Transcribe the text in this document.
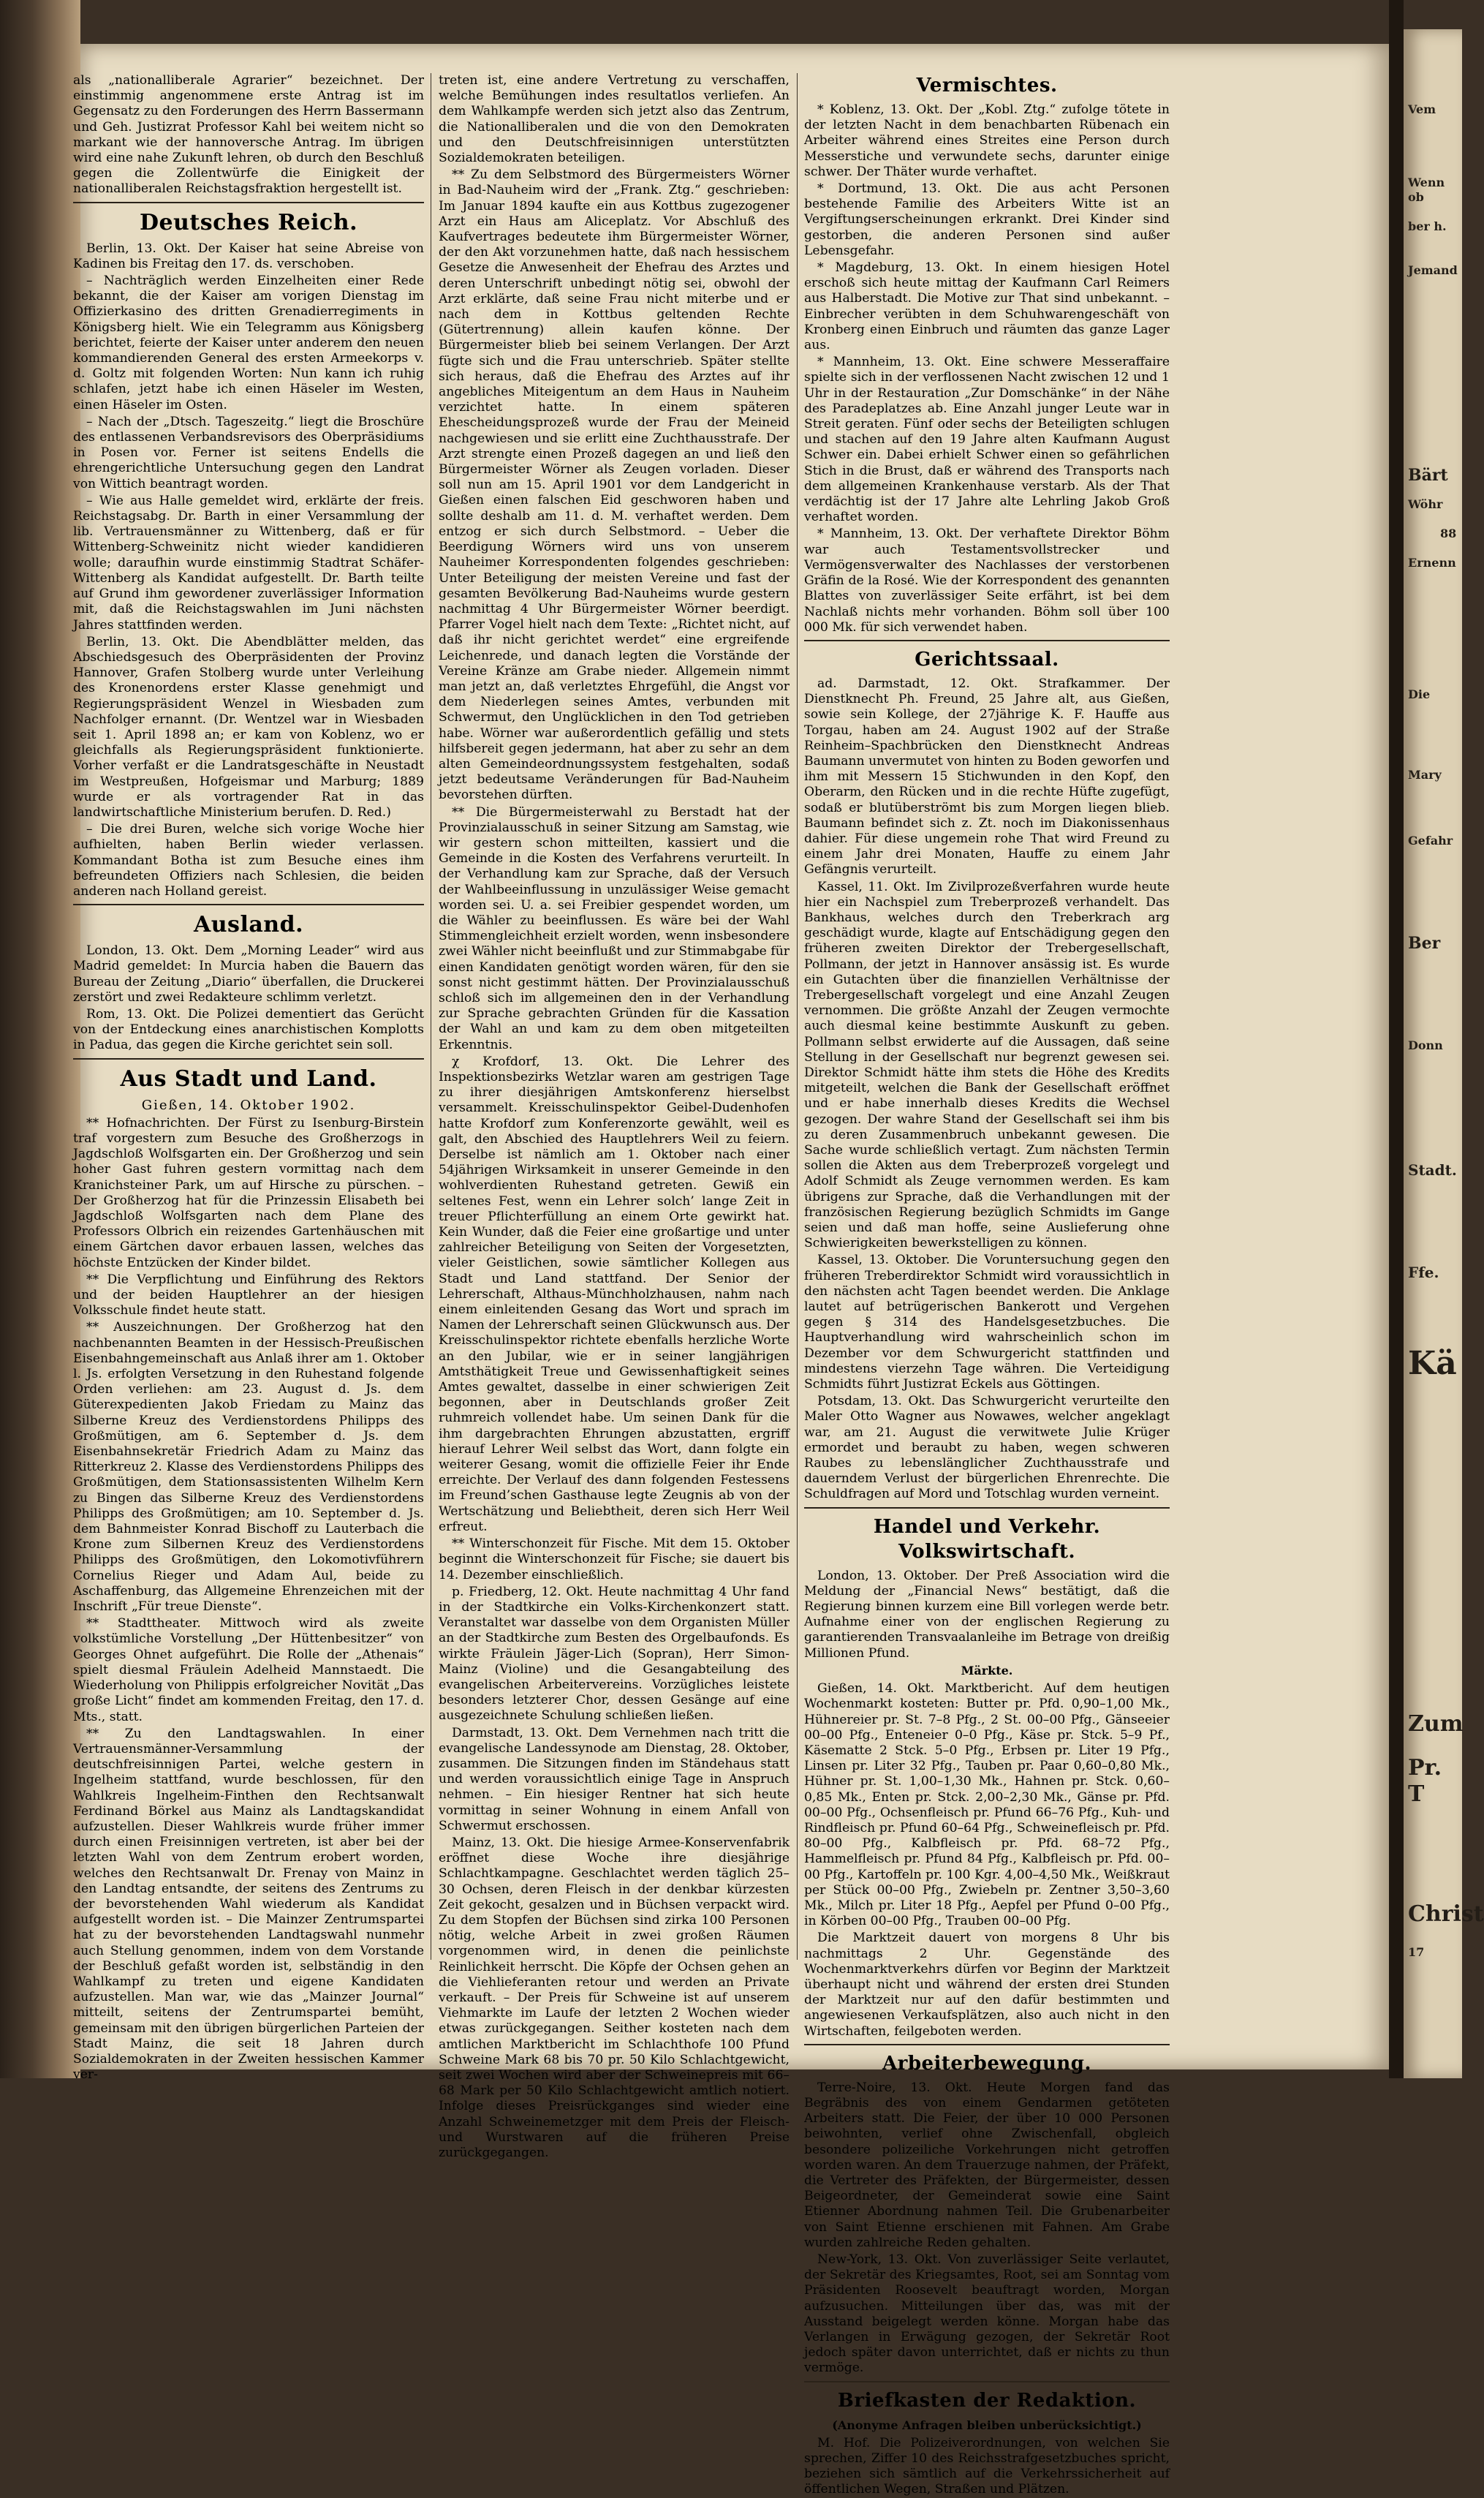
Vem
Wenn ob
ber h.
Jemand
Bärt
Wöhr
88
Ernenn
Die
Mary
Gefahr
Ber
Donn
Stadt.
Ffe.
Kä
Zum
Pr. T
Christ
17

als „nationalliberale Agrarier“ bezeichnet. Der einstimmig angenommene erste Antrag ist im Gegensatz zu den Forderungen des Herrn Bassermann und Geh. Justizrat Professor Kahl bei weitem nicht so markant wie der hannoversche Antrag. Im übrigen wird eine nahe Zukunft lehren, ob durch den Beschluß gegen die Zollentwürfe die Einigkeit der nationalliberalen Reichstagsfraktion hergestellt ist.

Deutsches Reich.

Berlin, 13. Okt. Der Kaiser hat seine Abreise von Kadinen bis Freitag den 17. ds. verschoben.

– Nachträglich werden Einzelheiten einer Rede bekannt, die der Kaiser am vorigen Dienstag im Offizierkasino des dritten Grenadierregiments in Königsberg hielt. Wie ein Telegramm aus Königsberg berichtet, feierte der Kaiser unter anderem den neuen kommandierenden General des ersten Armeekorps v. d. Goltz mit folgenden Worten: Nun kann ich ruhig schlafen, jetzt habe ich einen Häseler im Westen, einen Häseler im Osten.

– Nach der „Dtsch. Tageszeitg.“ liegt die Broschüre des entlassenen Verbandsrevisors des Oberpräsidiums in Posen vor. Ferner ist seitens Endells die ehrengerichtliche Untersuchung gegen den Landrat von Wittich beantragt worden.

– Wie aus Halle gemeldet wird, erklärte der freis. Reichstagsabg. Dr. Barth in einer Versammlung der lib. Vertrauensmänner zu Wittenberg, daß er für Wittenberg-Schweinitz nicht wieder kandidieren wolle; daraufhin wurde einstimmig Stadtrat Schäfer-Wittenberg als Kandidat aufgestellt. Dr. Barth teilte auf Grund ihm gewordener zuverlässiger Information mit, daß die Reichstagswahlen im Juni nächsten Jahres stattfinden werden.

Berlin, 13. Okt. Die Abendblätter melden, das Abschiedsgesuch des Oberpräsidenten der Provinz Hannover, Grafen Stolberg wurde unter Verleihung des Kronenordens erster Klasse genehmigt und Regierungspräsident Wenzel in Wiesbaden zum Nachfolger ernannt. (Dr. Wentzel war in Wiesbaden seit 1. April 1898 an; er kam von Koblenz, wo er gleichfalls als Regierungspräsident funktionierte. Vorher verfaßt er die Landratsgeschäfte in Neustadt im Westpreußen, Hofgeismar und Marburg; 1889 wurde er als vortragender Rat in das landwirtschaftliche Ministerium berufen. D. Red.)

– Die drei Buren, welche sich vorige Woche hier aufhielten, haben Berlin wieder verlassen. Kommandant Botha ist zum Besuche eines ihm befreundeten Offiziers nach Schlesien, die beiden anderen nach Holland gereist.

Ausland.

London, 13. Okt. Dem „Morning Leader“ wird aus Madrid gemeldet: In Murcia haben die Bauern das Bureau der Zeitung „Diario“ überfallen, die Druckerei zerstört und zwei Redakteure schlimm verletzt.

Rom, 13. Okt. Die Polizei dementiert das Gerücht von der Entdeckung eines anarchistischen Komplotts in Padua, das gegen die Kirche gerichtet sein soll.

Aus Stadt und Land.
Gießen, 14. Oktober 1902.

** Hofnachrichten. Der Fürst zu Isenburg-Birstein traf vorgestern zum Besuche des Großherzogs in Jagdschloß Wolfsgarten ein. Der Großherzog und sein hoher Gast fuhren gestern vormittag nach dem Kranichsteiner Park, um auf Hirsche zu pürschen. – Der Großherzog hat für die Prinzessin Elisabeth bei Jagdschloß Wolfsgarten nach dem Plane des Professors Olbrich ein reizendes Gartenhäuschen mit einem Gärtchen davor erbauen lassen, welches das höchste Entzücken der Kinder bildet.

** Die Verpflichtung und Einführung des Rektors und der beiden Hauptlehrer an der hiesigen Volksschule findet heute statt.

** Auszeichnungen. Der Großherzog hat den nachbenannten Beamten in der Hessisch-Preußischen Eisenbahngemeinschaft aus Anlaß ihrer am 1. Oktober l. Js. erfolgten Versetzung in den Ruhestand folgende Orden verliehen: am 23. August d. Js. dem Güterexpedienten Jakob Friedam zu Mainz das Silberne Kreuz des Verdienstordens Philipps des Großmütigen, am 6. September d. Js. dem Eisenbahnsekretär Friedrich Adam zu Mainz das Ritterkreuz 2. Klasse des Verdienstordens Philipps des Großmütigen, dem Stationsassistenten Wilhelm Kern zu Bingen das Silberne Kreuz des Verdienstordens Philipps des Großmütigen; am 10. September d. Js. dem Bahnmeister Konrad Bischoff zu Lauterbach die Krone zum Silbernen Kreuz des Verdienstordens Philipps des Großmütigen, den Lokomotivführern Cornelius Rieger und Adam Aul, beide zu Aschaffenburg, das Allgemeine Ehrenzeichen mit der Inschrift „Für treue Dienste“.

** Stadttheater. Mittwoch wird als zweite volkstümliche Vorstellung „Der Hüttenbesitzer“ von Georges Ohnet aufgeführt. Die Rolle der „Athenais“ spielt diesmal Fräulein Adelheid Mannstaedt. Die Wiederholung von Philippis erfolgreicher Novität „Das große Licht“ findet am kommenden Freitag, den 17. d. Mts., statt.

** Zu den Landtagswahlen. In einer Vertrauensmänner-Versammlung der deutschfreisinnigen Partei, welche gestern in Ingelheim stattfand, wurde beschlossen, für den Wahlkreis Ingelheim-Finthen den Rechtsanwalt Ferdinand Börkel aus Mainz als Landtagskandidat aufzustellen. Dieser Wahlkreis wurde früher immer durch einen Freisinnigen vertreten, ist aber bei der letzten Wahl von dem Zentrum erobert worden, welches den Rechtsanwalt Dr. Frenay von Mainz in den Landtag entsandte, der seitens des Zentrums zu der bevorstehenden Wahl wiederum als Kandidat aufgestellt worden ist. – Die Mainzer Zentrumspartei hat zu der bevorstehenden Landtagswahl nunmehr auch Stellung genommen, indem von dem Vorstande der Beschluß gefaßt worden ist, selbständig in den Wahlkampf zu treten und eigene Kandidaten aufzustellen. Man war, wie das „Mainzer Journal“ mitteilt, seitens der Zentrumspartei bemüht, gemeinsam mit den übrigen bürgerlichen Parteien der Stadt Mainz, die seit 18 Jahren durch Sozialdemokraten in der Zweiten hessischen Kammer ver-

treten ist, eine andere Vertretung zu verschaffen, welche Bemühungen indes resultatlos verliefen. An dem Wahlkampfe werden sich jetzt also das Zentrum, die Nationalliberalen und die von den Demokraten und den Deutschfreisinnigen unterstützten Sozialdemokraten beteiligen.

** Zu dem Selbstmord des Bürgermeisters Wörner in Bad-Nauheim wird der „Frank. Ztg.“ geschrieben: Im Januar 1894 kaufte ein aus Kottbus zugezogener Arzt ein Haus am Aliceplatz. Vor Abschluß des Kaufvertrages bedeutete ihm Bürgermeister Wörner, der den Akt vorzunehmen hatte, daß nach hessischem Gesetze die Anwesenheit der Ehefrau des Arztes und deren Unterschrift unbedingt nötig sei, obwohl der Arzt erklärte, daß seine Frau nicht miterbe und er nach dem in Kottbus geltenden Rechte (Gütertrennung) allein kaufen könne. Der Bürgermeister blieb bei seinem Verlangen. Der Arzt fügte sich und die Frau unterschrieb. Später stellte sich heraus, daß die Ehefrau des Arztes auf ihr angebliches Miteigentum an dem Haus in Nauheim verzichtet hatte. In einem späteren Ehescheidungsprozeß wurde der Frau der Meineid nachgewiesen und sie erlitt eine Zuchthausstrafe. Der Arzt strengte einen Prozeß dagegen an und ließ den Bürgermeister Wörner als Zeugen vorladen. Dieser soll nun am 15. April 1901 vor dem Landgericht in Gießen einen falschen Eid geschworen haben und sollte deshalb am 11. d. M. verhaftet werden. Dem entzog er sich durch Selbstmord. – Ueber die Beerdigung Wörners wird uns von unserem Nauheimer Korrespondenten folgendes geschrieben: Unter Beteiligung der meisten Vereine und fast der gesamten Bevölkerung Bad-Nauheims wurde gestern nachmittag 4 Uhr Bürgermeister Wörner beerdigt. Pfarrer Vogel hielt nach dem Texte: „Richtet nicht, auf daß ihr nicht gerichtet werdet“ eine ergreifende Leichenrede, und danach legten die Vorstände der Vereine Kränze am Grabe nieder. Allgemein nimmt man jetzt an, daß verletztes Ehrgefühl, die Angst vor dem Niederlegen seines Amtes, verbunden mit Schwermut, den Unglücklichen in den Tod getrieben habe. Wörner war außerordentlich gefällig und stets hilfsbereit gegen jedermann, hat aber zu sehr an dem alten Gemeindeordnungssystem festgehalten, sodaß jetzt bedeutsame Veränderungen für Bad-Nauheim bevorstehen dürften.

** Die Bürgermeisterwahl zu Berstadt hat der Provinzialausschuß in seiner Sitzung am Samstag, wie wir gestern schon mitteilten, kassiert und die Gemeinde in die Kosten des Verfahrens verurteilt. In der Verhandlung kam zur Sprache, daß der Versuch der Wahlbeeinflussung in unzulässiger Weise gemacht worden sei. U. a. sei Freibier gespendet worden, um die Wähler zu beeinflussen. Es wäre bei der Wahl Stimmengleichheit erzielt worden, wenn insbesondere zwei Wähler nicht beeinflußt und zur Stimmabgabe für einen Kandidaten genötigt worden wären, für den sie sonst nicht gestimmt hätten. Der Provinzialausschuß schloß sich im allgemeinen den in der Verhandlung zur Sprache gebrachten Gründen für die Kassation der Wahl an und kam zu dem oben mitgeteilten Erkenntnis.

χ Krofdorf, 13. Okt. Die Lehrer des Inspektionsbezirks Wetzlar waren am gestrigen Tage zu ihrer diesjährigen Amtskonferenz hierselbst versammelt. Kreisschulinspektor Geibel-Dudenhofen hatte Krofdorf zum Konferenzorte gewählt, weil es galt, den Abschied des Hauptlehrers Weil zu feiern. Derselbe ist nämlich am 1. Oktober nach einer 54jährigen Wirksamkeit in unserer Gemeinde in den wohlverdienten Ruhestand getreten. Gewiß ein seltenes Fest, wenn ein Lehrer solch’ lange Zeit in treuer Pflichterfüllung an einem Orte gewirkt hat. Kein Wunder, daß die Feier eine großartige und unter zahlreicher Beteiligung von Seiten der Vorgesetzten, vieler Geistlichen, sowie sämtlicher Kollegen aus Stadt und Land stattfand. Der Senior der Lehrerschaft, Althaus-Münchholzhausen, nahm nach einem einleitenden Gesang das Wort und sprach im Namen der Lehrerschaft seinen Glückwunsch aus. Der Kreisschulinspektor richtete ebenfalls herzliche Worte an den Jubilar, wie er in seiner langjährigen Amtsthätigkeit Treue und Gewissenhaftigkeit seines Amtes gewaltet, dasselbe in einer schwierigen Zeit begonnen, aber in Deutschlands großer Zeit ruhmreich vollendet habe. Um seinen Dank für die ihm dargebrachten Ehrungen abzustatten, ergriff hierauf Lehrer Weil selbst das Wort, dann folgte ein weiterer Gesang, womit die offizielle Feier ihr Ende erreichte. Der Verlauf des dann folgenden Festessens im Freund’schen Gasthause legte Zeugnis ab von der Wertschätzung und Beliebtheit, deren sich Herr Weil erfreut.

** Winterschonzeit für Fische. Mit dem 15. Oktober beginnt die Winterschonzeit für Fische; sie dauert bis 14. Dezember einschließlich.

p. Friedberg, 12. Okt. Heute nachmittag 4 Uhr fand in der Stadtkirche ein Volks-Kirchenkonzert statt. Veranstaltet war dasselbe von dem Organisten Müller an der Stadtkirche zum Besten des Orgelbaufonds. Es wirkte Fräulein Jäger-Lich (Sopran), Herr Simon-Mainz (Violine) und die Gesangabteilung des evangelischen Arbeitervereins. Vorzügliches leistete besonders letzterer Chor, dessen Gesänge auf eine ausgezeichnete Schulung schließen ließen.

Darmstadt, 13. Okt. Dem Vernehmen nach tritt die evangelische Landessynode am Dienstag, 28. Oktober, zusammen. Die Sitzungen finden im Ständehaus statt und werden voraussichtlich einige Tage in Anspruch nehmen. – Ein hiesiger Rentner hat sich heute vormittag in seiner Wohnung in einem Anfall von Schwermut erschossen.

Mainz, 13. Okt. Die hiesige Armee-Konservenfabrik eröffnet diese Woche ihre diesjährige Schlachtkampagne. Geschlachtet werden täglich 25–30 Ochsen, deren Fleisch in der denkbar kürzesten Zeit gekocht, gesalzen und in Büchsen verpackt wird. Zu dem Stopfen der Büchsen sind zirka 100 Personen nötig, welche Arbeit in zwei großen Räumen vorgenommen wird, in denen die peinlichste Reinlichkeit herrscht. Die Köpfe der Ochsen gehen an die Viehlieferanten retour und werden an Private verkauft. – Der Preis für Schweine ist auf unserem Viehmarkte im Laufe der letzten 2 Wochen wieder etwas zurückgegangen. Seither kosteten nach dem amtlichen Marktbericht im Schlachthofe 100 Pfund Schweine Mark 68 bis 70 pr. 50 Kilo Schlachtgewicht, seit zwei Wochen wird aber der Schweinepreis mit 66–68 Mark per 50 Kilo Schlachtgewicht amtlich notiert. Infolge dieses Preisrückganges sind wieder eine Anzahl Schweinemetzger mit dem Preis der Fleisch- und Wurstwaren auf die früheren Preise zurückgegangen.

Vermischtes.

* Koblenz, 13. Okt. Der „Kobl. Ztg.“ zufolge tötete in der letzten Nacht in dem benachbarten Rübenach ein Arbeiter während eines Streites eine Person durch Messerstiche und verwundete sechs, darunter einige schwer. Der Thäter wurde verhaftet.

* Dortmund, 13. Okt. Die aus acht Personen bestehende Familie des Arbeiters Witte ist an Vergiftungserscheinungen erkrankt. Drei Kinder sind gestorben, die anderen Personen sind außer Lebensgefahr.

* Magdeburg, 13. Okt. In einem hiesigen Hotel erschoß sich heute mittag der Kaufmann Carl Reimers aus Halberstadt. Die Motive zur That sind unbekannt. – Einbrecher verübten in dem Schuhwarengeschäft von Kronberg einen Einbruch und räumten das ganze Lager aus.

* Mannheim, 13. Okt. Eine schwere Messeraffaire spielte sich in der verflossenen Nacht zwischen 12 und 1 Uhr in der Restauration „Zur Domschänke“ in der Nähe des Paradeplatzes ab. Eine Anzahl junger Leute war in Streit geraten. Fünf oder sechs der Beteiligten schlugen und stachen auf den 19 Jahre alten Kaufmann August Schwer ein. Dabei erhielt Schwer einen so gefährlichen Stich in die Brust, daß er während des Transports nach dem allgemeinen Krankenhause verstarb. Als der That verdächtig ist der 17 Jahre alte Lehrling Jakob Groß verhaftet worden.

* Mannheim, 13. Okt. Der verhaftete Direktor Böhm war auch Testamentsvollstrecker und Vermögensverwalter des Nachlasses der verstorbenen Gräfin de la Rosé. Wie der Korrespondent des genannten Blattes von zuverlässiger Seite erfährt, ist bei dem Nachlaß nichts mehr vorhanden. Böhm soll über 100 000 Mk. für sich verwendet haben.

Gerichtssaal.

ad. Darmstadt, 12. Okt. Strafkammer. Der Dienstknecht Ph. Freund, 25 Jahre alt, aus Gießen, sowie sein Kollege, der 27jährige K. F. Hauffe aus Torgau, haben am 24. August 1902 auf der Straße Reinheim–Spachbrücken den Dienstknecht Andreas Baumann unvermutet von hinten zu Boden geworfen und ihm mit Messern 15 Stichwunden in den Kopf, den Oberarm, den Rücken und in die rechte Hüfte zugefügt, sodaß er blutüberströmt bis zum Morgen liegen blieb. Baumann befindet sich z. Zt. noch im Diakonissenhaus dahier. Für diese ungemein rohe That wird Freund zu einem Jahr drei Monaten, Hauffe zu einem Jahr Gefängnis verurteilt.

Kassel, 11. Okt. Im Zivilprozeßverfahren wurde heute hier ein Nachspiel zum Treberprozeß verhandelt. Das Bankhaus, welches durch den Treberkrach arg geschädigt wurde, klagte auf Entschädigung gegen den früheren zweiten Direktor der Trebergesellschaft, Pollmann, der jetzt in Hannover ansässig ist. Es wurde ein Gutachten über die finanziellen Verhältnisse der Trebergesellschaft vorgelegt und eine Anzahl Zeugen vernommen. Die größte Anzahl der Zeugen vermochte auch diesmal keine bestimmte Auskunft zu geben. Pollmann selbst erwiderte auf die Aussagen, daß seine Stellung in der Gesellschaft nur begrenzt gewesen sei. Direktor Schmidt hätte ihm stets die Höhe des Kredits mitgeteilt, welchen die Bank der Gesellschaft eröffnet und er habe innerhalb dieses Kredits die Wechsel gezogen. Der wahre Stand der Gesellschaft sei ihm bis zu deren Zusammenbruch unbekannt gewesen. Die Sache wurde schließlich vertagt. Zum nächsten Termin sollen die Akten aus dem Treberprozeß vorgelegt und Adolf Schmidt als Zeuge vernommen werden. Es kam übrigens zur Sprache, daß die Verhandlungen mit der französischen Regierung bezüglich Schmidts im Gange seien und daß man hoffe, seine Auslieferung ohne Schwierigkeiten bewerkstelligen zu können.

Kassel, 13. Oktober. Die Voruntersuchung gegen den früheren Treberdirektor Schmidt wird voraussichtlich in den nächsten acht Tagen beendet werden. Die Anklage lautet auf betrügerischen Bankerott und Vergehen gegen § 314 des Handelsgesetzbuches. Die Hauptverhandlung wird wahrscheinlich schon im Dezember vor dem Schwurgericht stattfinden und mindestens vierzehn Tage währen. Die Verteidigung Schmidts führt Justizrat Eckels aus Göttingen.

Potsdam, 13. Okt. Das Schwurgericht verurteilte den Maler Otto Wagner aus Nowawes, welcher angeklagt war, am 21. August die verwitwete Julie Krüger ermordet und beraubt zu haben, wegen schweren Raubes zu lebenslänglicher Zuchthausstrafe und dauerndem Verlust der bürgerlichen Ehrenrechte. Die Schuldfragen auf Mord und Totschlag wurden verneint.

Handel und Verkehr. Volkswirtschaft.

London, 13. Oktober. Der Preß Association wird die Meldung der „Financial News“ bestätigt, daß die Regierung binnen kurzem eine Bill vorlegen werde betr. Aufnahme einer von der englischen Regierung zu garantierenden Transvaalanleihe im Betrage von dreißig Millionen Pfund.

Märkte.

Gießen, 14. Okt. Marktbericht. Auf dem heutigen Wochenmarkt kosteten: Butter pr. Pfd. 0,90–1,00 Mk., Hühnereier pr. St. 7–8 Pfg., 2 St. 00–00 Pfg., Gänseeier 00–00 Pfg., Enteneier 0–0 Pfg., Käse pr. Stck. 5–9 Pf., Käsematte 2 Stck. 5–0 Pfg., Erbsen pr. Liter 19 Pfg., Linsen pr. Liter 32 Pfg., Tauben pr. Paar 0,60–0,80 Mk., Hühner pr. St. 1,00–1,30 Mk., Hahnen pr. Stck. 0,60–0,85 Mk., Enten pr. Stck. 2,00–2,30 Mk., Gänse pr. Pfd. 00–00 Pfg., Ochsenfleisch pr. Pfund 66–76 Pfg., Kuh- und Rindfleisch pr. Pfund 60–64 Pfg., Schweinefleisch pr. Pfd. 80–00 Pfg., Kalbfleisch pr. Pfd. 68–72 Pfg., Hammelfleisch pr. Pfund 84 Pfg., Kalbfleisch pr. Pfd. 00–00 Pfg., Kartoffeln pr. 100 Kgr. 4,00–4,50 Mk., Weißkraut per Stück 00–00 Pfg., Zwiebeln pr. Zentner 3,50–3,60 Mk., Milch pr. Liter 18 Pfg., Aepfel per Pfund 0–00 Pfg., in Körben 00–00 Pfg., Trauben 00–00 Pfg.

Die Marktzeit dauert von morgens 8 Uhr bis nachmittags 2 Uhr. Gegenstände des Wochenmarktverkehrs dürfen vor Beginn der Marktzeit überhaupt nicht und während der ersten drei Stunden der Marktzeit nur auf den dafür bestimmten und angewiesenen Verkaufsplätzen, also auch nicht in den Wirtschaften, feilgeboten werden.

Arbeiterbewegung.

Terre-Noire, 13. Okt. Heute Morgen fand das Begräbnis des von einem Gendarmen getöteten Arbeiters statt. Die Feier, der über 10 000 Personen beiwohnten, verlief ohne Zwischenfall, obgleich besondere polizeiliche Vorkehrungen nicht getroffen worden waren. An dem Trauerzuge nahmen, der Präfekt, die Vertreter des Präfekten, der Bürgermeister, dessen Beigeordneter, der Gemeinderat sowie eine Saint Etienner Abordnung nahmen Teil. Die Grubenarbeiter von Saint Etienne erschienen mit Fahnen. Am Grabe wurden zahlreiche Reden gehalten.

New-York, 13. Okt. Von zuverlässiger Seite verlautet, der Sekretär des Kriegsamtes, Root, sei am Sonntag vom Präsidenten Roosevelt beauftragt worden, Morgan aufzusuchen. Mitteilungen über das, was mit der Ausstand beigelegt werden könne. Morgan habe das Verlangen in Erwägung gezogen, der Sekretär Root jedoch später davon unterrichtet, daß er nichts zu thun vermöge.

Briefkasten der Redaktion.
(Anonyme Anfragen bleiben unberücksichtigt.)

M. Hof. Die Polizeiverordnungen, von welchen Sie sprechen, Ziffer 10 des Reichsstrafgesetzbuches spricht, beziehen sich sämtlich auf die Verkehrssicherheit auf öffentlichen Wegen, Straßen und Plätzen.
